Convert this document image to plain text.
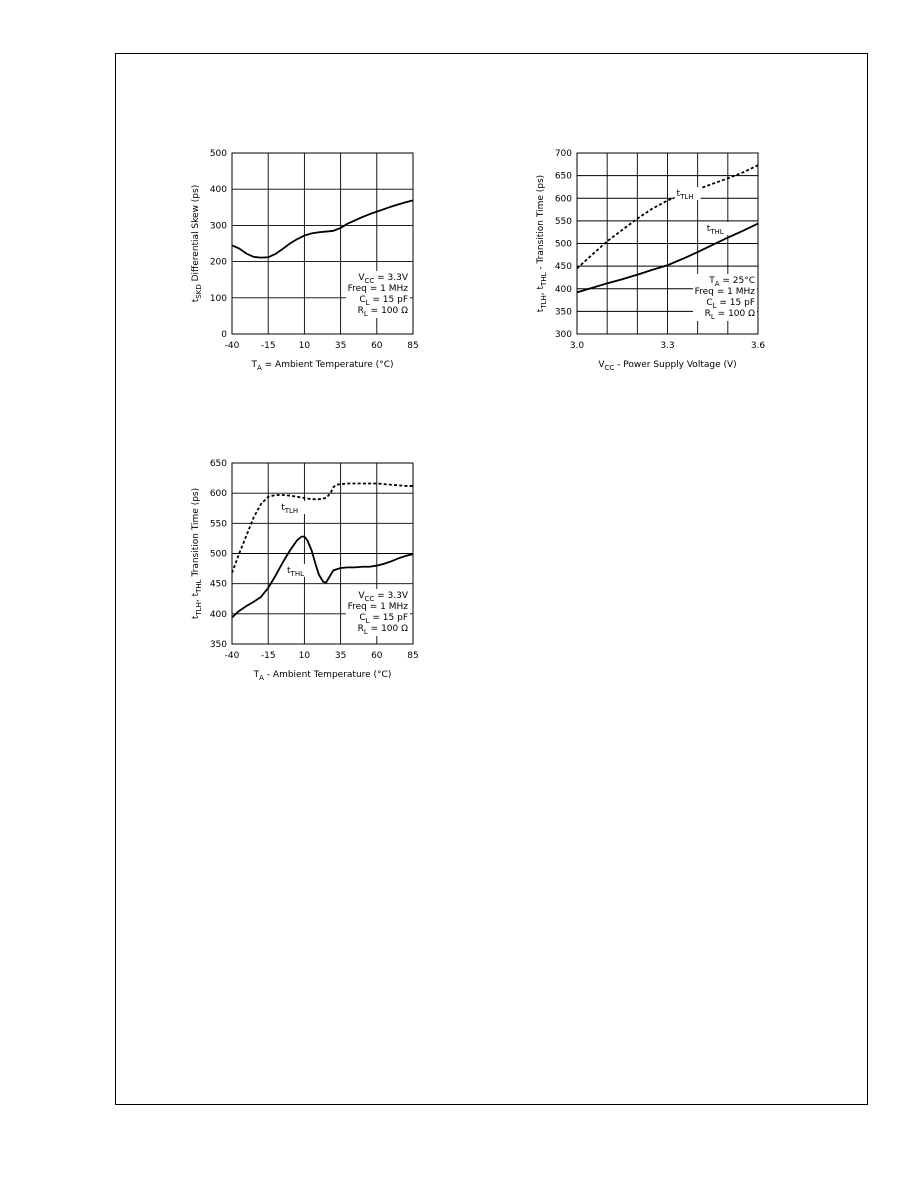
-40 -15	10	35	60	85
0
100
200
300
400
500
$T_A$ = Ambient Temperature (°C)
$t_{SKD}$ Differential Skew (ps)	$V_{CC} = 3.3V$
Freq = 1 MHz
$C_L = 15$ pF
$R_L = 100$ Ω
3.0	3.3	3.6
300
350
400
450
500
550
600
650
700
$V_{CC}$ - Power Supply Voltage (V)
$t_{TLH}$, $t_{THL}$ - Transition Time (ps)
$T_A = 25^\circ C$
Freq = 1 MHz
$C_L = 15$ pF
$R_L = 100$ Ω
$t_{TLH}$
$t_{THL}$
-40 -15	10	35	60	85
350
400
450
500
550
600
650
$T_A$ - Ambient Temperature (°C)
$t_{TLH}$, $t_{THL}$ Transition Time (ps)
$V_{CC} = 3.3V$
Freq = 1 MHz
$C_L = 15$ pF
$R_L = 100$ Ω
$t_{TLH}$
$t_{THL}$
